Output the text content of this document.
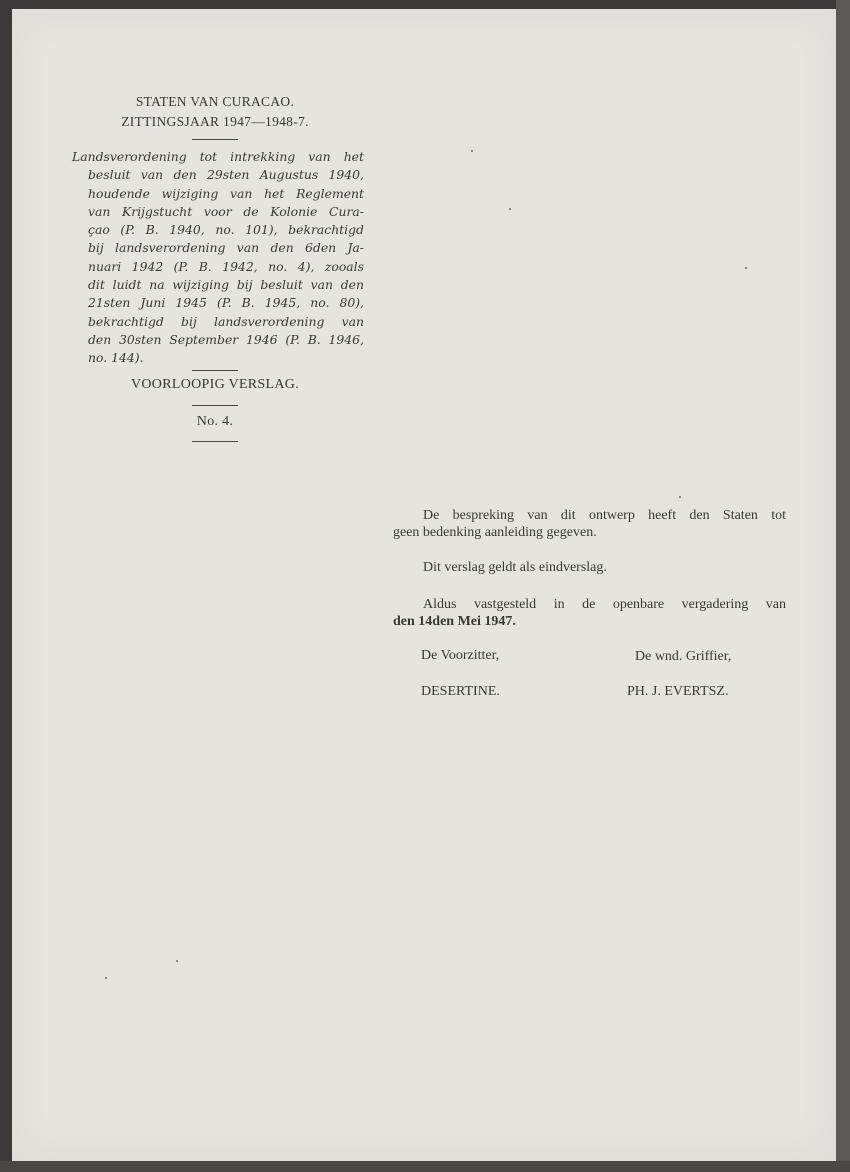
STATEN VAN CURACAO.
ZITTINGSJAAR 1947—1948-7.
Landsverordening tot intrekking van het
besluit van den 29sten Augustus 1940,
houdende wijziging van het Reglement
van Krijgstucht voor de Kolonie Cura-
çao (P. B. 1940, no. 101), bekrachtigd
bij landsverordening van den 6den Ja-
nuari 1942 (P. B. 1942, no. 4), zooals
dit luidt na wijziging bij besluit van den
21sten Juni 1945 (P. B. 1945, no. 80),
bekrachtigd bij landsverordening van
den 30sten September 1946 (P. B. 1946,
no. 144).
VOORLOOPIG VERSLAG.
No. 4.
De bespreking van dit ontwerp heeft den Staten tot
geen bedenking aanleiding gegeven.
Dit verslag geldt als eindverslag.
Aldus vastgesteld in de openbare vergadering van
den 14den Mei 1947.
De Voorzitter,	De wnd. Griffier,
DESERTINE.	PH. J. EVERTSZ.
